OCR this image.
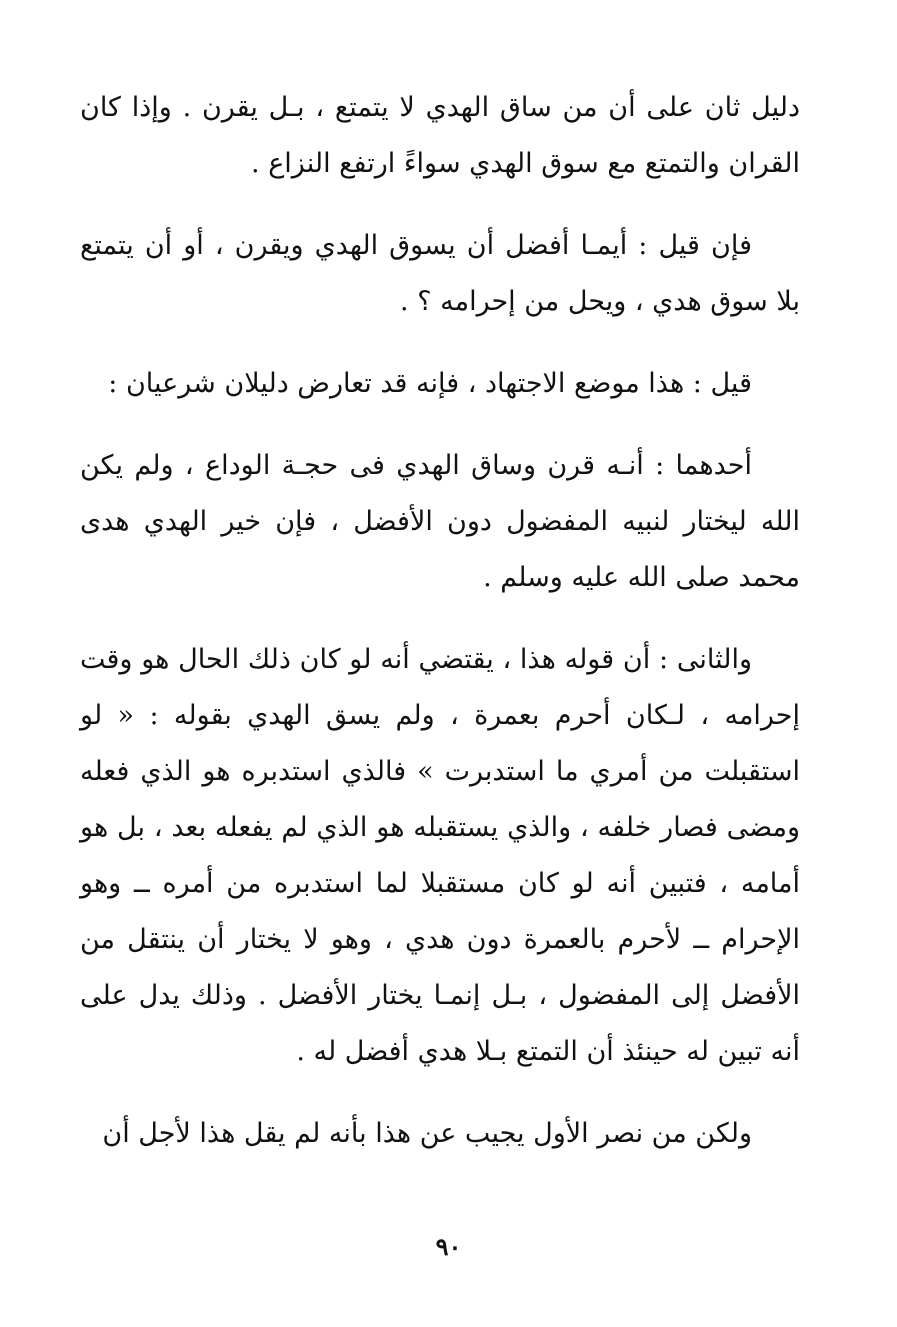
دليل ثان على أن من ساق الهدي لا يتمتع ، بـل يقرن . وإذا كان القران والتمتع مع سوق الهدي سواءً ارتفع النزاع .

فإن قيل : أيمـا أفضل أن يسوق الهدي ويقرن ، أو أن يتمتع بلا سوق هدي ، ويحل من إحرامه ؟ .

قيل : هذا موضع الاجتهاد ، فإنه قد تعارض دليلان شرعيان :

أحدهما : أنـه قرن وساق الهدي فى حجـة الوداع ، ولم يكن الله ليختار لنبيه المفضول دون الأفضل ، فإن خير الهدي هدى محمد صلى الله عليه وسلم .

والثانى : أن قوله هذا ، يقتضي أنه لو كان ذلك الحال هو وقت إحرامه ، لـكان أحرم بعمرة ، ولم يسق الهدي بقوله : « لو استقبلت من أمري ما استدبرت » فالذي استدبره هو الذي فعله ومضى فصار خلفه ، والذي يستقبله هو الذي لم يفعله بعد ، بل هو أمامه ، فتبين أنه لو كان مستقبلا لما استدبره من أمره ــ وهو الإحرام ــ لأحرم بالعمرة دون هدي ، وهو لا يختار أن ينتقل من الأفضل إلى المفضول ، بـل إنمـا يختار الأفضل . وذلك يدل على أنه تبين له حينئذ أن التمتع بـلا هدي أفضل له .

ولكن من نصر الأول يجيب عن هذا بأنه لم يقل هذا لأجل أن

٩٠
